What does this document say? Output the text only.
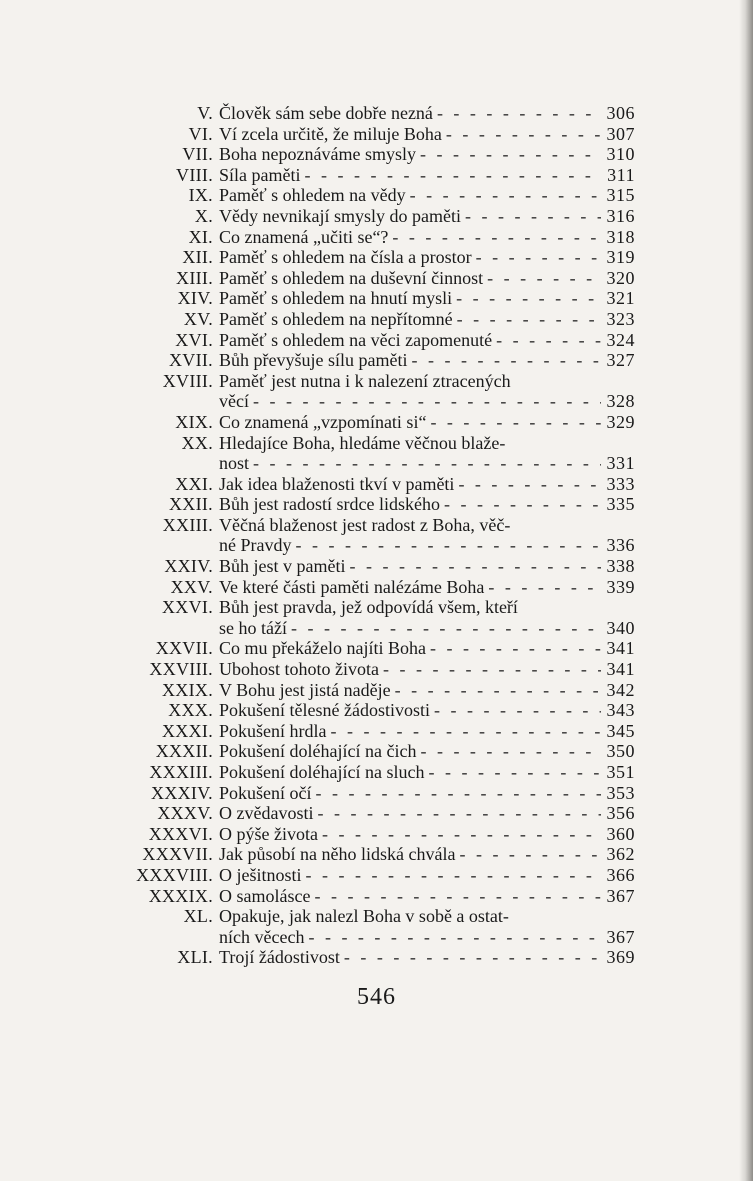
V. Člověk sám sebe dobře nezná - - -	306
VI. Ví zcela určitě, že miluje Boha - - -	307
VII. Boha nepoznáváme smysly - - -	310
VIII. Síla paměti - - -	311
IX. Paměť s ohledem na vědy - - -	315
X. Vědy nevnikají smysly do paměti - - -	316
XI. Co znamená „učiti se“? - - -	318
XII. Paměť s ohledem na čísla a prostor - - -	319
XIII. Paměť s ohledem na duševní činnost - - -	320
XIV. Paměť s ohledem na hnutí mysli - - -	321
XV. Paměť s ohledem na nepřítomné - - -	323
XVI. Paměť s ohledem na věci zapomenuté - - -	324
XVII. Bůh převyšuje sílu paměti - - -	327
XVIII. Paměť jest nutna i k nalezení ztracených
věcí - - -	328
XIX. Co znamená „vzpomínati si“ - - -	329
XX. Hledajíce Boha, hledáme věčnou blaže-
nost - - -	331
XXI. Jak idea blaženosti tkví v paměti - - -	333
XXII. Bůh jest radostí srdce lidského - - -	335
XXIII. Věčná blaženost jest radost z Boha, věč-
né Pravdy - - -	336
XXIV. Bůh jest v paměti - - -	338
XXV. Ve které části paměti nalézáme Boha - - -	339
XXVI. Bůh jest pravda, jež odpovídá všem, kteří
se ho táží - - -	340
XXVII. Co mu překáželo najíti Boha - - -	341
XXVIII. Ubohost tohoto života - - -	341
XXIX. V Bohu jest jistá naděje - - -	342
XXX. Pokušení tělesné žádostivosti - - -	343
XXXI. Pokušení hrdla - - -	345
XXXII. Pokušení doléhající na čich - - -	350
XXXIII. Pokušení doléhající na sluch - - -	351
XXXIV. Pokušení očí - - -	353
XXXV. O zvědavosti - - -	356
XXXVI. O pýše života - - -	360
XXXVII. Jak působí na něho lidská chvála - - -	362
XXXVIII. O ješitnosti - - -	366
XXXIX. O samolásce - - -	367
XL. Opakuje, jak nalezl Boha v sobě a ostat-
ních věcech - - -	367
XLI. Trojí žádostivost - - -	369
546
